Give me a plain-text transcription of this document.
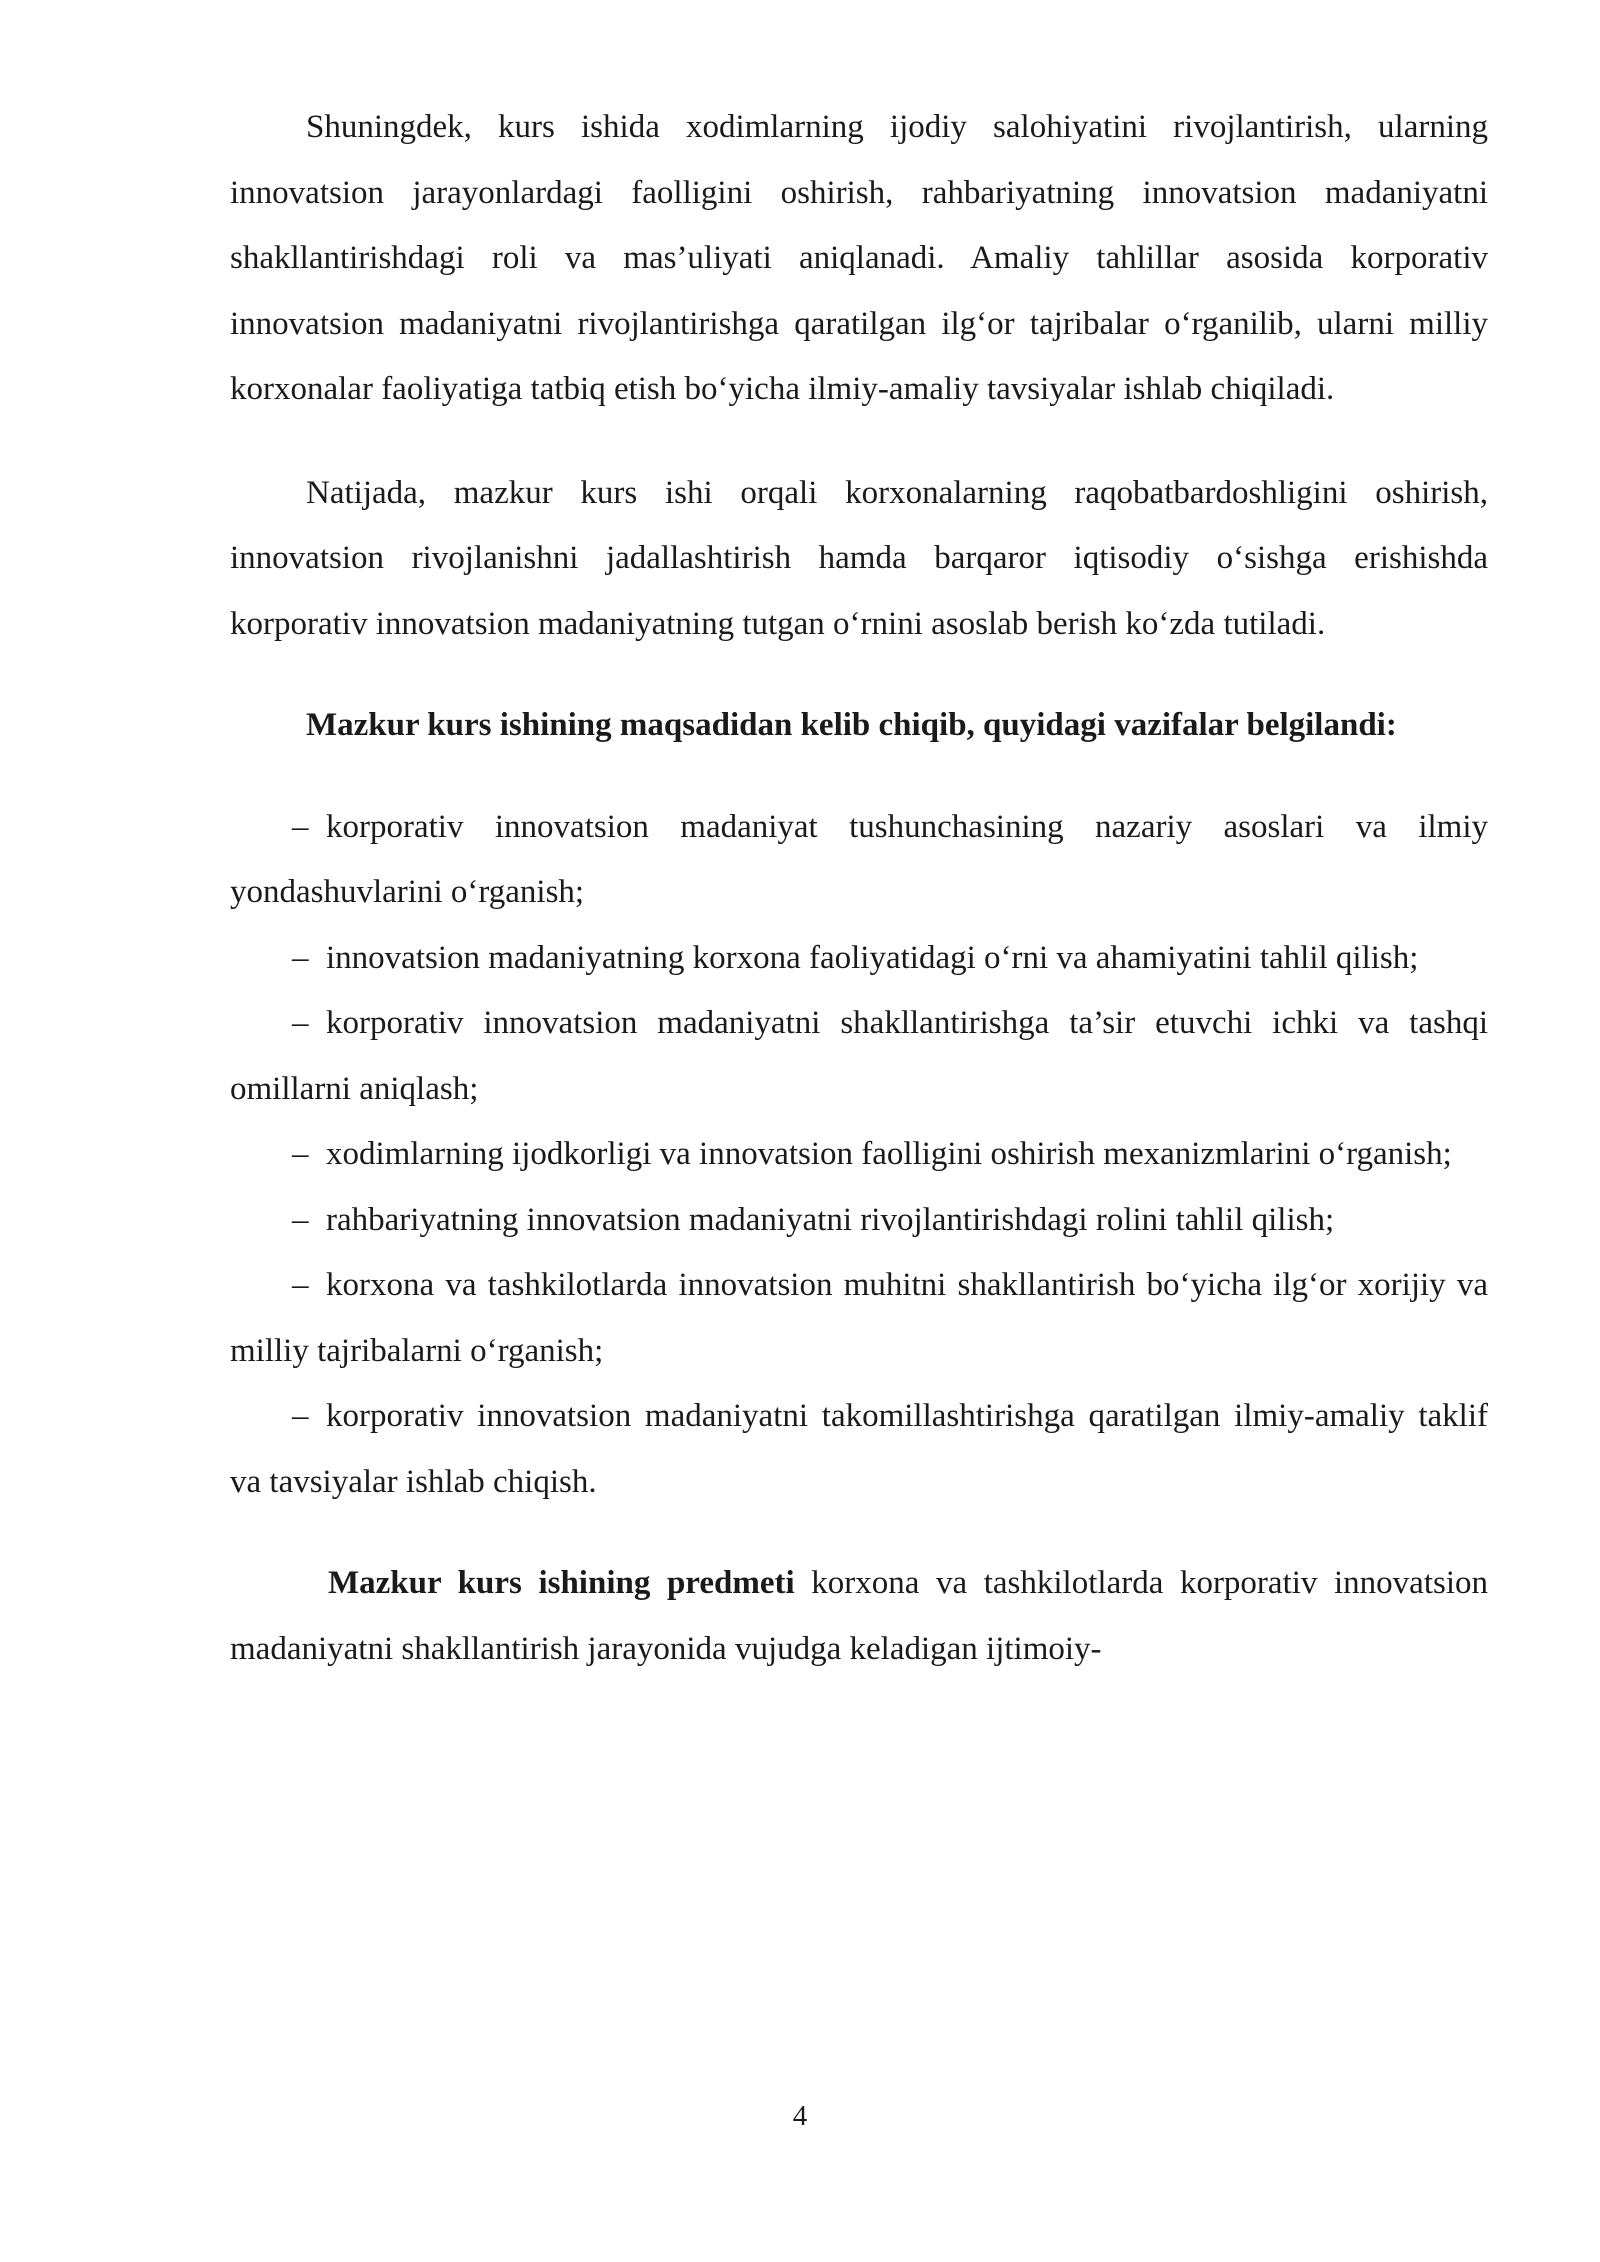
Shuningdek, kurs ishida xodimlarning ijodiy salohiyatini rivojlantirish, ularning innovatsion jarayonlardagi faolligini oshirish, rahbariyatning innovatsion madaniyatni shakllantirishdagi roli va mas’uliyati aniqlanadi. Amaliy tahlillar asosida korporativ innovatsion madaniyatni rivojlantirishga qaratilgan ilg‘or tajribalar o‘rganilib, ularni milliy korxonalar faoliyatiga tatbiq etish bo‘yicha ilmiy-amaliy tavsiyalar ishlab chiqiladi.

Natijada, mazkur kurs ishi orqali korxonalarning raqobatbardoshligini oshirish, innovatsion rivojlanishni jadallashtirish hamda barqaror iqtisodiy o‘sishga erishishda korporativ innovatsion madaniyatning tutgan o‘rnini asoslab berish ko‘zda tutiladi.

Mazkur kurs ishining maqsadidan kelib chiqib, quyidagi vazifalar belgilandi:

– korporativ innovatsion madaniyat tushunchasining nazariy asoslari va ilmiy yondashuvlarini o‘rganish;
– innovatsion madaniyatning korxona faoliyatidagi o‘rni va ahamiyatini tahlil qilish;
– korporativ innovatsion madaniyatni shakllantirishga ta’sir etuvchi ichki va tashqi omillarni aniqlash;
– xodimlarning ijodkorligi va innovatsion faolligini oshirish mexanizmlarini o‘rganish;
– rahbariyatning innovatsion madaniyatni rivojlantirishdagi rolini tahlil qilish;
– korxona va tashkilotlarda innovatsion muhitni shakllantirish bo‘yicha ilg‘or xorijiy va milliy tajribalarni o‘rganish;
– korporativ innovatsion madaniyatni takomillashtirishga qaratilgan ilmiy-amaliy taklif va tavsiyalar ishlab chiqish.

Mazkur kurs ishining predmeti korxona va tashkilotlarda korporativ innovatsion madaniyatni shakllantirish jarayonida vujudga keladigan ijtimoiy-

4
